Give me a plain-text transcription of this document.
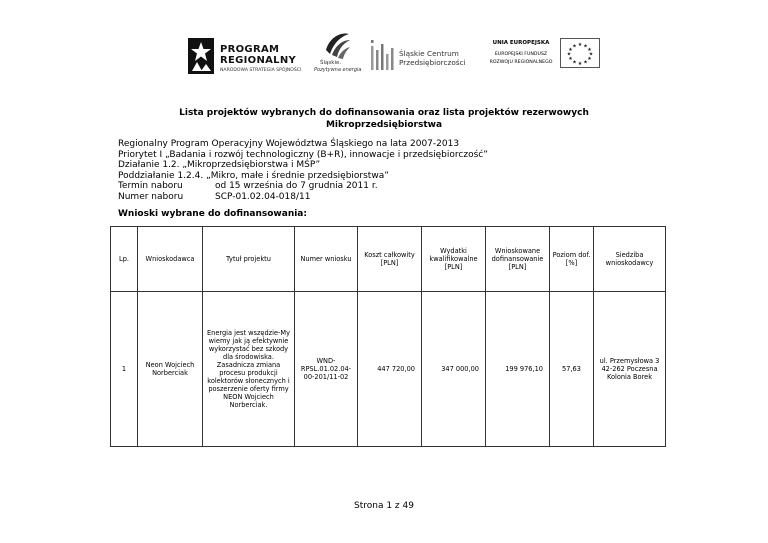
PROGRAM
REGIONALNY
NARODOWA STRATEGIA SPÓJNOŚCI
Śląskie.
Pozytywna energia
Śląskie Centrum
Przedsiębiorczości
UNIA EUROPEJSKA
EUROPEJSKI FUNDUSZ
ROZWOJU REGIONALNEGO
★ ★
★
★
★
★
★
★
★
★
★
★
Lista projektów wybranych do dofinansowania oraz lista projektów rezerwowych
Mikroprzedsiębiorstwa
Regionalny Program Operacyjny Województwa Śląskiego na lata 2007-2013
Priorytet I „Badania i rozwój technologiczny (B+R), innowacje i przedsiębiorczość”
Działanie 1.2. „Mikroprzedsiębiorstwa i MŚP”
Poddziałanie 1.2.4. „Mikro, małe i średnie przedsiębiorstwa”
Termin naboru	od 15 września do 7 grudnia 2011 r.
Numer naboru	SCP-01.02.04-018/11
Wnioski wybrane do dofinansowania:
Lp.	Wnioskodawca	Tytuł projektu	Numer wniosku	Koszt całkowity [PLN]	Wydatki kwalifikowalne [PLN]	Wnioskowane dofinansowanie [PLN]	Poziom dof. [%]	Siedziba wnioskodawcy
1	Neon Wojciech Norberciak	Energia jest wszędzie-My wiemy jak ją efektywnie wykorzystać bez szkody dla środowiska. Zasadnicza zmiana procesu produkcji kolektorów słonecznych i poszerzenie oferty firmy NEON Wojciech Norberciak.	WND-RPSL.01.02.04-00-201/11-02	447 720,00	347 000,00	199 976,10	57,63	ul. Przemysłowa 3 42-262 Poczesna Kolonia Borek
Strona 1 z 49
